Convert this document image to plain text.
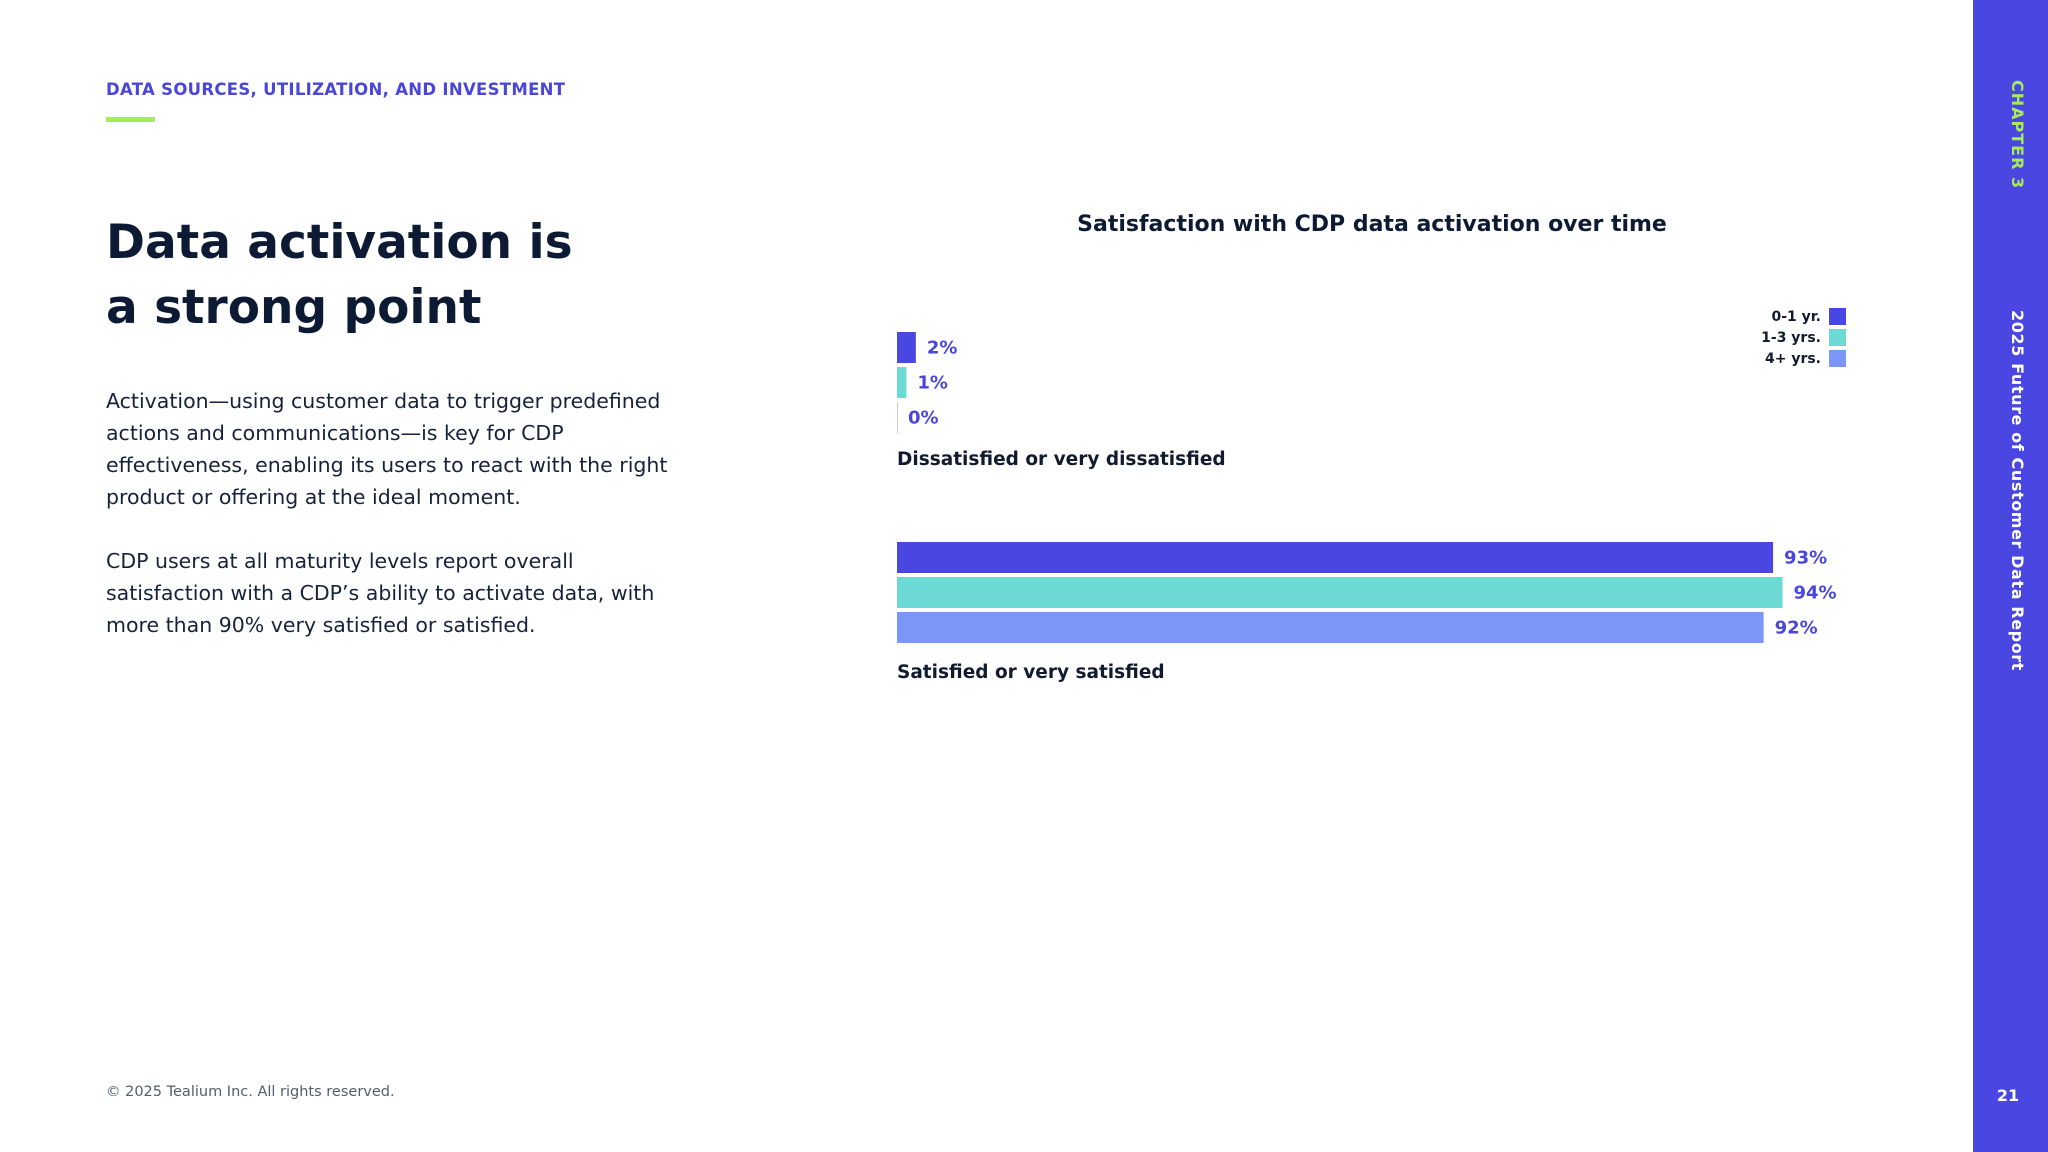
DATA SOURCES, UTILIZATION, AND INVESTMENT
Data activation is
a strong point

Activation—using customer data to trigger predefined actions and communications—is key for CDP effectiveness, enabling its users to react with the right product or offering at the ideal moment.

CDP users at all maturity levels report overall satisfaction with a CDP’s ability to activate data, with more than 90% very satisfied or satisfied.

Satisfaction with CDP data activation over time
2%
1%
0%
Dissatisfied or very dissatisfied
93%
94%
92%
Satisfied or very satisfied
0-1 yr.
1-3 yrs.
4+ yrs.
© 2025 Tealium Inc. All rights reserved.
CHAPTER 3
2025 Future of Customer Data Report
21
